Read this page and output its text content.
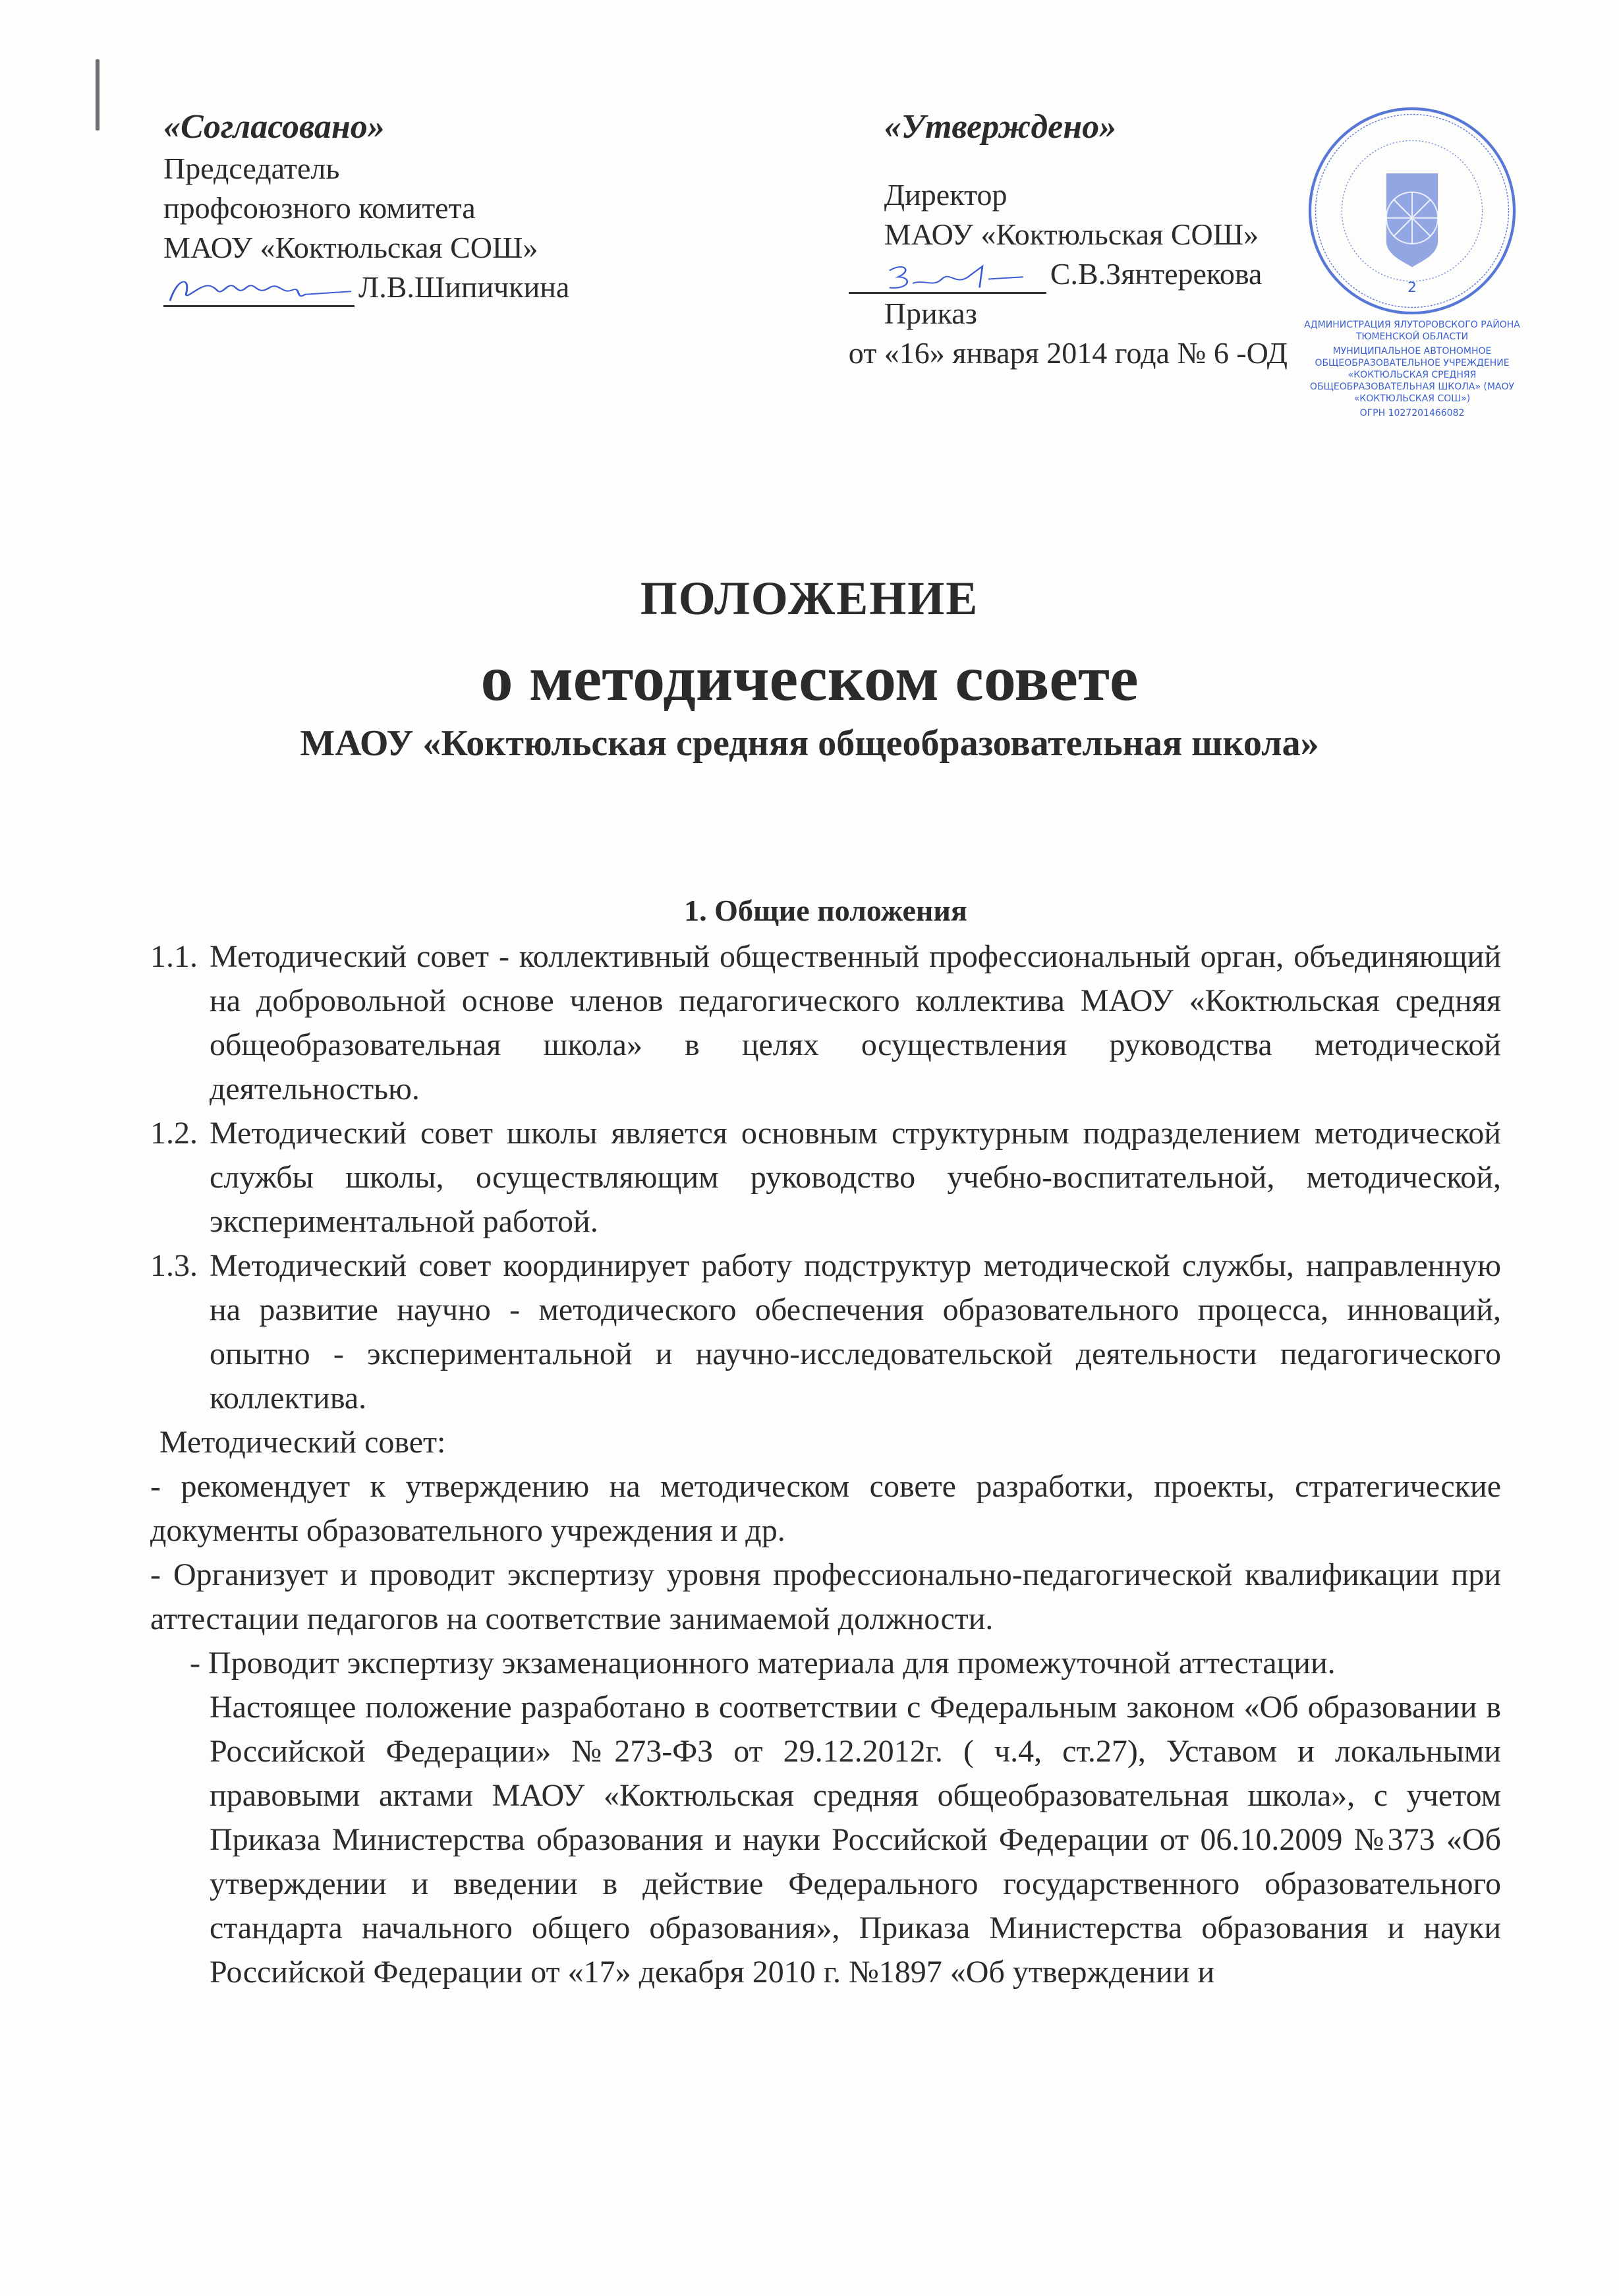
«Согласовано»
Председатель
профсоюзного комитета
МАОУ «Коктюльская СОШ»
Л.В.Шипичкина
«Утверждено»
Директор
МАОУ «Коктюльская СОШ»
С.В.Зянтерекова
Приказ
от «16» января 2014 года № 6 -ОД
2
АДМИНИСТРАЦИЯ ЯЛУТОРОВСКОГО РАЙОНА ТЮМЕНСКОЙ ОБЛАСТИ
МУНИЦИПАЛЬНОЕ АВТОНОМНОЕ ОБЩЕОБРАЗОВАТЕЛЬНОЕ УЧРЕЖДЕНИЕ «КОКТЮЛЬСКАЯ СРЕДНЯЯ ОБЩЕОБРАЗОВАТЕЛЬНАЯ ШКОЛА» (МАОУ «КОКТЮЛЬСКАЯ СОШ»)
ОГРН 1027201466082
ПОЛОЖЕНИЕ
о методическом совете
МАОУ «Коктюльская средняя общеобразовательная школа»

1. Общие положения

1.1. Методический совет - коллективный общественный профессиональный орган, объединяющий на добровольной основе членов педагогического коллектива МАОУ «Коктюльская средняя общеобразовательная школа» в целях осуществления руководства методической деятельностью.

1.2. Методический совет школы является основным структурным подразделением методической службы школы, осуществляющим руководство учебно-воспитательной, методической, экспериментальной работой.

1.3. Методический совет координирует работу подструктур методической службы, направленную на развитие научно - методического обеспечения образовательного процесса, инноваций, опытно - экспериментальной и научно-исследовательской деятельности педагогического коллектива.

Методический совет:

- рекомендует к утверждению на методическом совете разработки, проекты, стратегические документы образовательного учреждения и др.

- Организует и проводит экспертизу уровня профессионально-педагогической квалификации при аттестации педагогов на соответствие занимаемой должности.

- Проводит экспертизу экзаменационного материала для промежуточной аттестации.

Настоящее положение разработано в соответствии с Федеральным законом «Об образовании в Российской Федерации» №273-ФЗ от 29.12.2012г. ( ч.4, ст.27), Уставом и локальными правовыми актами МАОУ «Коктюльская средняя общеобразовательная школа», с учетом Приказа Министерства образования и науки Российской Федерации от 06.10.2009 №373 «Об утверждении и введении в действие Федерального государственного образовательного стандарта начального общего образования», Приказа Министерства образования и науки Российской Федерации от «17» декабря 2010 г. №1897 «Об утверждении и
